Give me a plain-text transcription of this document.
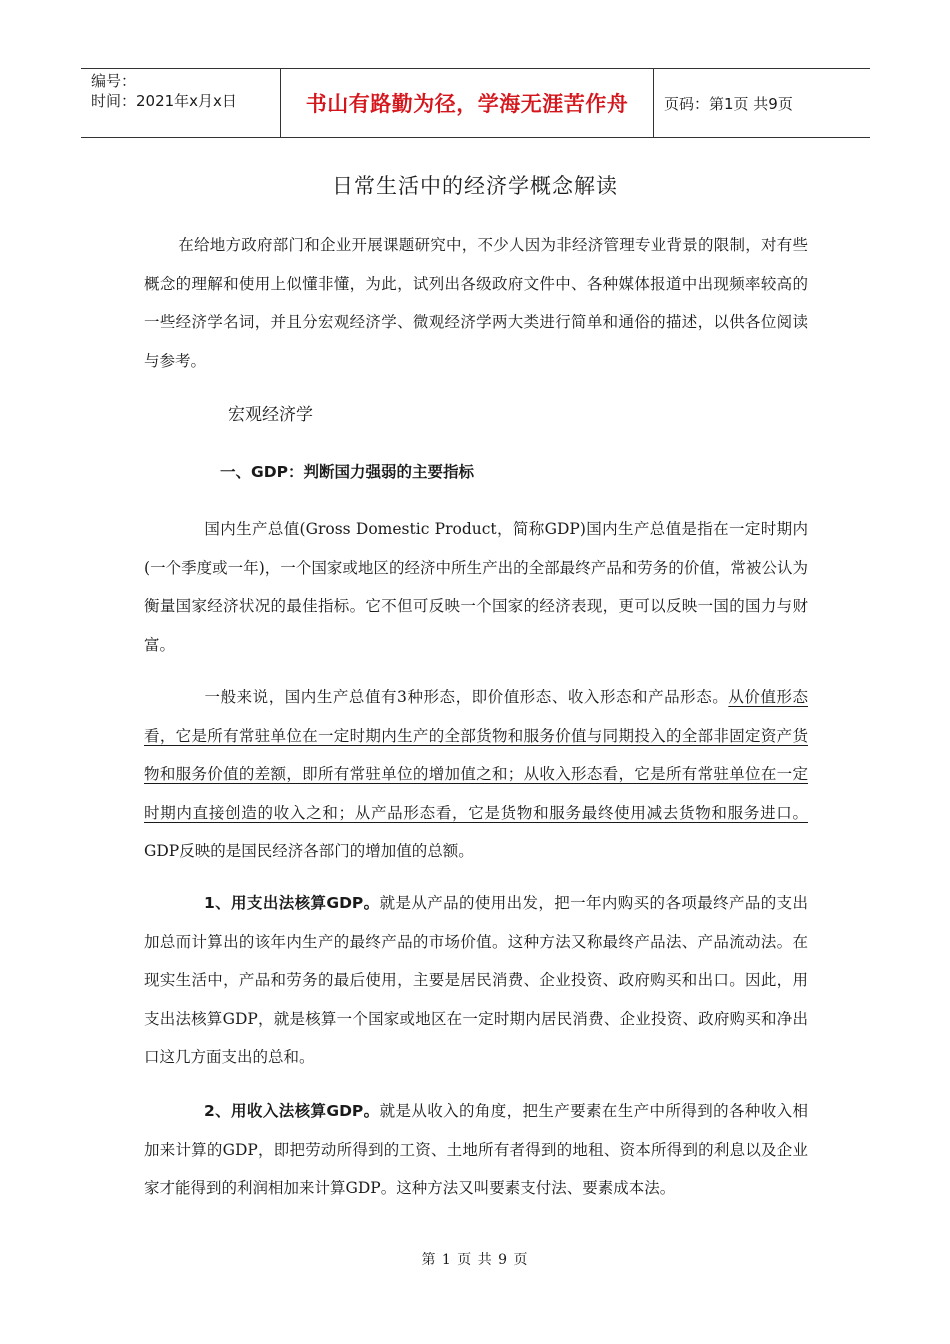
编号：
时间：2021年x月x日	书山有路勤为径，学海无涯苦作舟	页码：第1页 共9页
日常生活中的经济学概念解读
在给地方政府部门和企业开展课题研究中，不少人因为非经济管理专业背景的限制，对有些概念的理解和使用上似懂非懂，为此，试列出各级政府文件中、各种媒体报道中出现频率较高的一些经济学名词，并且分宏观经济学、微观经济学两大类进行简单和通俗的描述，以供各位阅读与参考。
宏观经济学
一、GDP：判断国力强弱的主要指标
国内生产总值(Gross Domestic Product，简称GDP)国内生产总值是指在一定时期内(一个季度或一年)，一个国家或地区的经济中所生产出的全部最终产品和劳务的价值，常被公认为衡量国家经济状况的最佳指标。它不但可反映一个国家的经济表现，更可以反映一国的国力与财富。
一般来说，国内生产总值有3种形态，即价值形态、收入形态和产品形态。从价值形态看，它是所有常驻单位在一定时期内生产的全部货物和服务价值与同期投入的全部非固定资产货物和服务价值的差额，即所有常驻单位的增加值之和；从收入形态看，它是所有常驻单位在一定时期内直接创造的收入之和；从产品形态看，它是货物和服务最终使用减去货物和服务进口。 GDP反映的是国民经济各部门的增加值的总额。
1、用支出法核算GDP。就是从产品的使用出发，把一年内购买的各项最终产品的支出加总而计算出的该年内生产的最终产品的市场价值。这种方法又称最终产品法、产品流动法。在现实生活中，产品和劳务的最后使用，主要是居民消费、企业投资、政府购买和出口。因此，用支出法核算GDP，就是核算一个国家或地区在一定时期内居民消费、企业投资、政府购买和净出口这几方面支出的总和。
2、用收入法核算GDP。就是从收入的角度，把生产要素在生产中所得到的各种收入相加来计算的GDP，即把劳动所得到的工资、土地所有者得到的地租、资本所得到的利息以及企业家才能得到的利润相加来计算GDP。这种方法又叫要素支付法、要素成本法。
第 1 页 共 9 页
